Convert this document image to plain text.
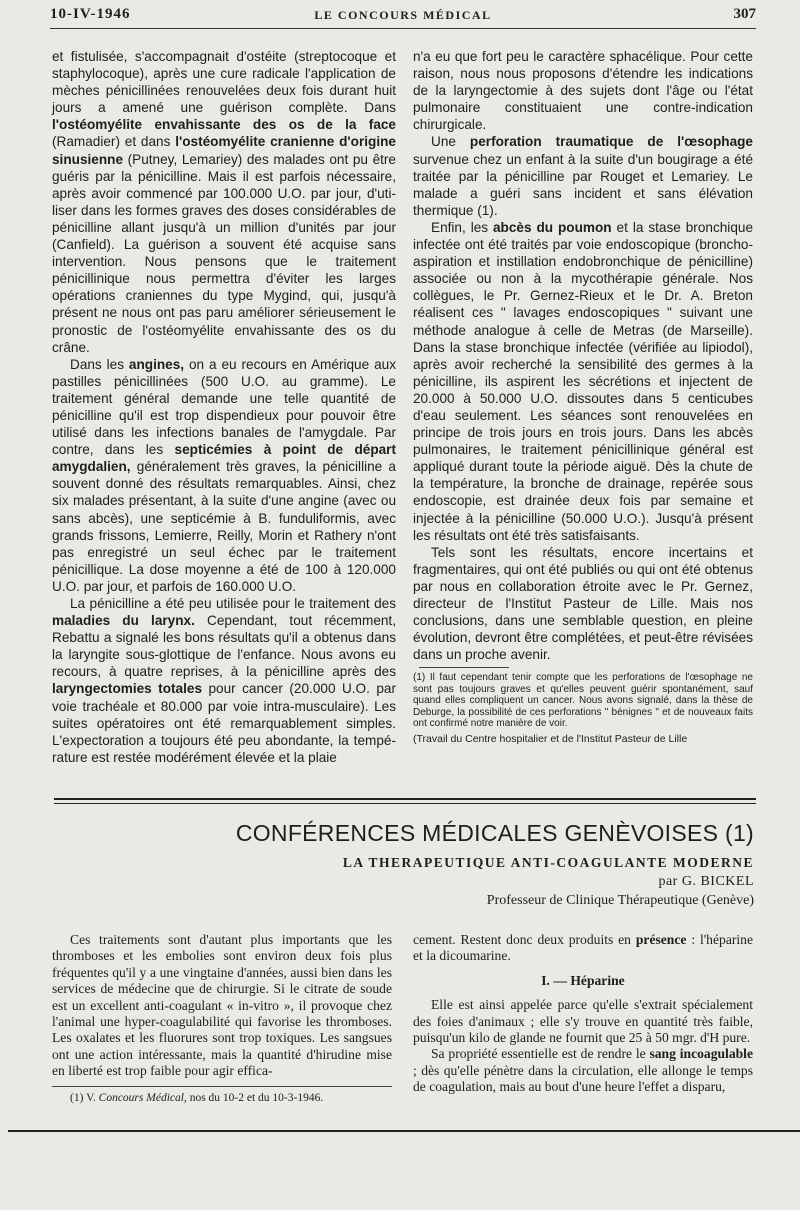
10-IV-1946	LE CONCOURS MÉDICAL	307

et fistulisée, s'accompagnait d'ostéite (streptocoque et staphylocoque), après une cure radicale l'application de mèches pénicillinées renouvelées deux fois durant huit jours a amené une guérison complète. Dans l'ostéomyélite envahissante des os de la face (Ramadier) et dans l'ostéomyélite cranienne d'origine sinusienne (Putney, Lemariey) des malades ont pu être guéris par la pénicilline. Mais il est parfois nécessaire, après avoir commencé par 100.000 U.O. par jour, d'utiliser dans les formes graves des doses considérables de pénicilline allant jusqu'à un million d'unités par jour (Canfield). La guérison a souvent été acquise sans intervention. Nous pensons que le traitement pénicillinique nous permettra d'éviter les larges opérations craniennes du type Mygind, qui, jusqu'à présent ne nous ont pas paru améliorer sérieusement le pronostic de l'ostéomyélite envahissante des os du crâne.

Dans les angines, on a eu recours en Amérique aux pastilles pénicillinées (500 U.O. au gramme). Le traitement général demande une telle quantité de pénicilline qu'il est trop dispendieux pour pouvoir être utilisé dans les infections banales de l'amygdale. Par contre, dans les septicémies à point de départ amygdalien, généralement très graves, la pénicilline a souvent donné des résultats remarquables. Ainsi, chez six malades présentant, à la suite d'une angine (avec ou sans abcès), une septicémie à B. funduliformis, avec grands frissons, Lemierre, Reilly, Morin et Rathery n'ont pas enregistré un seul échec par le traitement pénicillique. La dose moyenne a été de 100 à 120.000 U.O. par jour, et parfois de 160.000 U.O.

La pénicilline a été peu utilisée pour le traitement des maladies du larynx. Cependant, tout récemment, Rebattu a signalé les bons résultats qu'il a obtenus dans la laryngite sous-glottique de l'enfance. Nous avons eu recours, à quatre reprises, à la pénicilline après des laryngectomies totales pour cancer (20.000 U.O. par voie trachéale et 80.000 par voie intra-musculaire). Les suites opératoires ont été remarquablement simples. L'expectoration a toujours été peu abondante, la température est restée modérément élevée et la plaie

n'a eu que fort peu le caractère sphacélique. Pour cette raison, nous nous proposons d'étendre les indications de la laryngectomie à des sujets dont l'âge ou l'état pulmonaire constituaient une contre-indication chirurgicale.

Une perforation traumatique de l'œsophage survenue chez un enfant à la suite d'un bougirage a été traitée par la pénicilline par Rouget et Lemariey. Le malade a guéri sans incident et sans élévation thermique (1).

Enfin, les abcès du poumon et la stase bronchique infectée ont été traités par voie endoscopique (broncho-aspiration et instillation endobronchique de pénicilline) associée ou non à la mycothérapie générale. Nos collègues, le Pr. Gernez-Rieux et le Dr. A. Breton réalisent ces " lavages endoscopiques " suivant une méthode analogue à celle de Metras (de Marseille). Dans la stase bronchique infectée (vérifiée au lipiodol), après avoir recherché la sensibilité des germes à la pénicilline, ils aspirent les sécrétions et injectent de 20.000 à 50.000 U.O. dissoutes dans 5 centicubes d'eau seulement. Les séances sont renouvelées en principe de trois jours en trois jours. Dans les abcès pulmonaires, le traitement pénicillinique général est appliqué durant toute la période aiguë. Dès la chute de la température, la bronche de drainage, repérée sous endoscopie, est drainée deux fois par semaine et injectée à la pénicilline (50.000 U.O.). Jusqu'à présent les résultats ont été très satisfaisants.

Tels sont les résultats, encore incertains et fragmentaires, qui ont été publiés ou qui ont été obtenus par nous en collaboration étroite avec le Pr. Gernez, directeur de l'Institut Pasteur de Lille. Mais nos conclusions, dans une semblable question, en pleine évolution, devront être complétées, et peut-être révisées dans un proche avenir.

(1) Il faut cependant tenir compte que les perforations de l'œsophage ne sont pas toujours graves et qu'elles peuvent guérir spontanément, sauf quand elles compliquent un cancer. Nous avons signalé, dans la thèse de Deburge, la possibilité de ces perforations " bénignes " et de nouveaux faits ont confirmé notre manière de voir.
(Travail du Centre hospitalier et de l'Institut Pasteur de Lille
CONFÉRENCES MÉDICALES GENÈVOISES (1)
LA THERAPEUTIQUE ANTI-COAGULANTE MODERNE
par G. BICKEL
Professeur de Clinique Thérapeutique (Genève)

Ces traitements sont d'autant plus importants que les thromboses et les embolies sont environ deux fois plus fréquentes qu'il y a une vingtaine d'années, aussi bien dans les services de médecine que de chirurgie. Si le citrate de soude est un excellent anti-coagulant « in-vitro », il provoque chez l'animal une hyper-coagulabilité qui favorise les thromboses. Les oxalates et les fluorures sont trop toxiques. Les sangsues ont une action intéressante, mais la quantité d'hirudine mise en liberté est trop faible pour agir effica-

(1) V. Concours Médical, nos du 10-2 et du 10-3-1946.

cement. Restent donc deux produits en présence : l'héparine et la dicoumarine.

I. — Héparine

Elle est ainsi appelée parce qu'elle s'extrait spécialement des foies d'animaux ; elle s'y trouve en quantité très faible, puisqu'un kilo de glande ne fournit que 25 à 50 mgr. d'H pure.

Sa propriété essentielle est de rendre le sang incoagulable ; dès qu'elle pénètre dans la circulation, elle allonge le temps de coagulation, mais au bout d'une heure l'effet a disparu,
